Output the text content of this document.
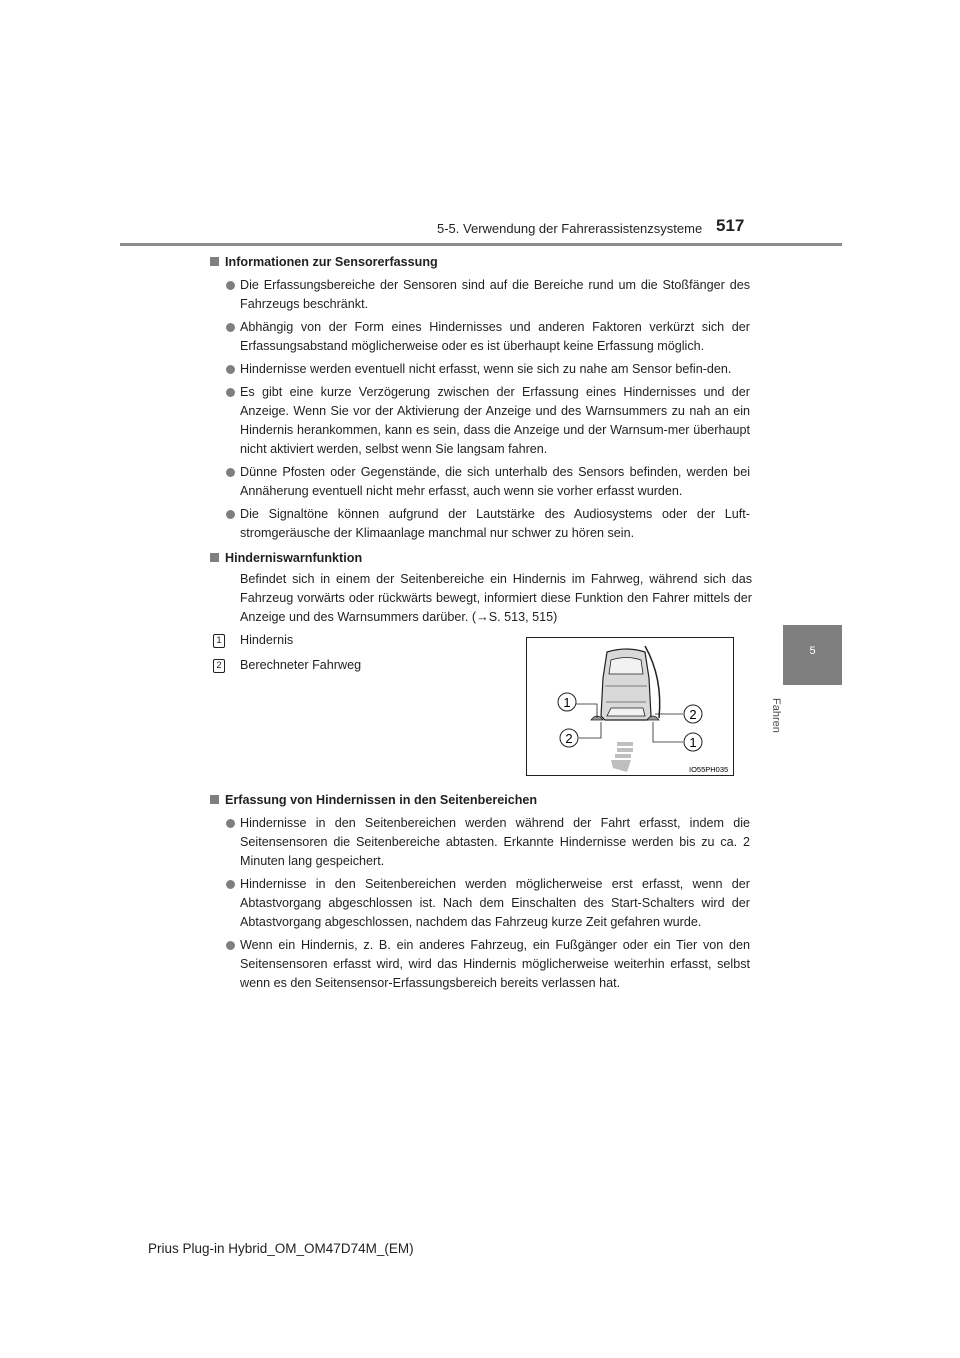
5-5. Verwendung der Fahrerassistenzsysteme 517
5
Fahren
Informationen zur Sensorerfassung
Die Erfassungsbereiche der Sensoren sind auf die Bereiche rund um die Stoßfänger des Fahrzeugs beschränkt.
Abhängig von der Form eines Hindernisses und anderen Faktoren verkürzt sich der Erfassungsabstand möglicherweise oder es ist überhaupt keine Erfassung möglich.
Hindernisse werden eventuell nicht erfasst, wenn sie sich zu nahe am Sensor befin-den.
Es gibt eine kurze Verzögerung zwischen der Erfassung eines Hindernisses und der Anzeige. Wenn Sie vor der Aktivierung der Anzeige und des Warnsummers zu nah an ein Hindernis herankommen, kann es sein, dass die Anzeige und der Warnsum-mer überhaupt nicht aktiviert werden, selbst wenn Sie langsam fahren.
Dünne Pfosten oder Gegenstände, die sich unterhalb des Sensors befinden, werden bei Annäherung eventuell nicht mehr erfasst, auch wenn sie vorher erfasst wurden.
Die Signaltöne können aufgrund der Lautstärke des Audiosystems oder der Luft-stromgeräusche der Klimaanlage manchmal nur schwer zu hören sein.
Hinderniswarnfunktion
Befindet sich in einem der Seitenbereiche ein Hindernis im Fahrweg, während sich das Fahrzeug vorwärts oder rückwärts bewegt, informiert diese Funktion den Fahrer mittels der Anzeige und des Warnsummers darüber. (→S. 513, 515)
1 Hindernis
2 Berechneter Fahrweg
1
2
2
1
IO55PH035
Erfassung von Hindernissen in den Seitenbereichen
Hindernisse in den Seitenbereichen werden während der Fahrt erfasst, indem die Seitensensoren die Seitenbereiche abtasten. Erkannte Hindernisse werden bis zu ca. 2 Minuten lang gespeichert.
Hindernisse in den Seitenbereichen werden möglicherweise erst erfasst, wenn der Abtastvorgang abgeschlossen ist. Nach dem Einschalten des Start-Schalters wird der Abtastvorgang abgeschlossen, nachdem das Fahrzeug kurze Zeit gefahren wurde.
Wenn ein Hindernis, z. B. ein anderes Fahrzeug, ein Fußgänger oder ein Tier von den Seitensensoren erfasst wird, wird das Hindernis möglicherweise weiterhin erfasst, selbst wenn es den Seitensensor-Erfassungsbereich bereits verlassen hat.
Prius Plug-in Hybrid_OM_OM47D74M_(EM)
